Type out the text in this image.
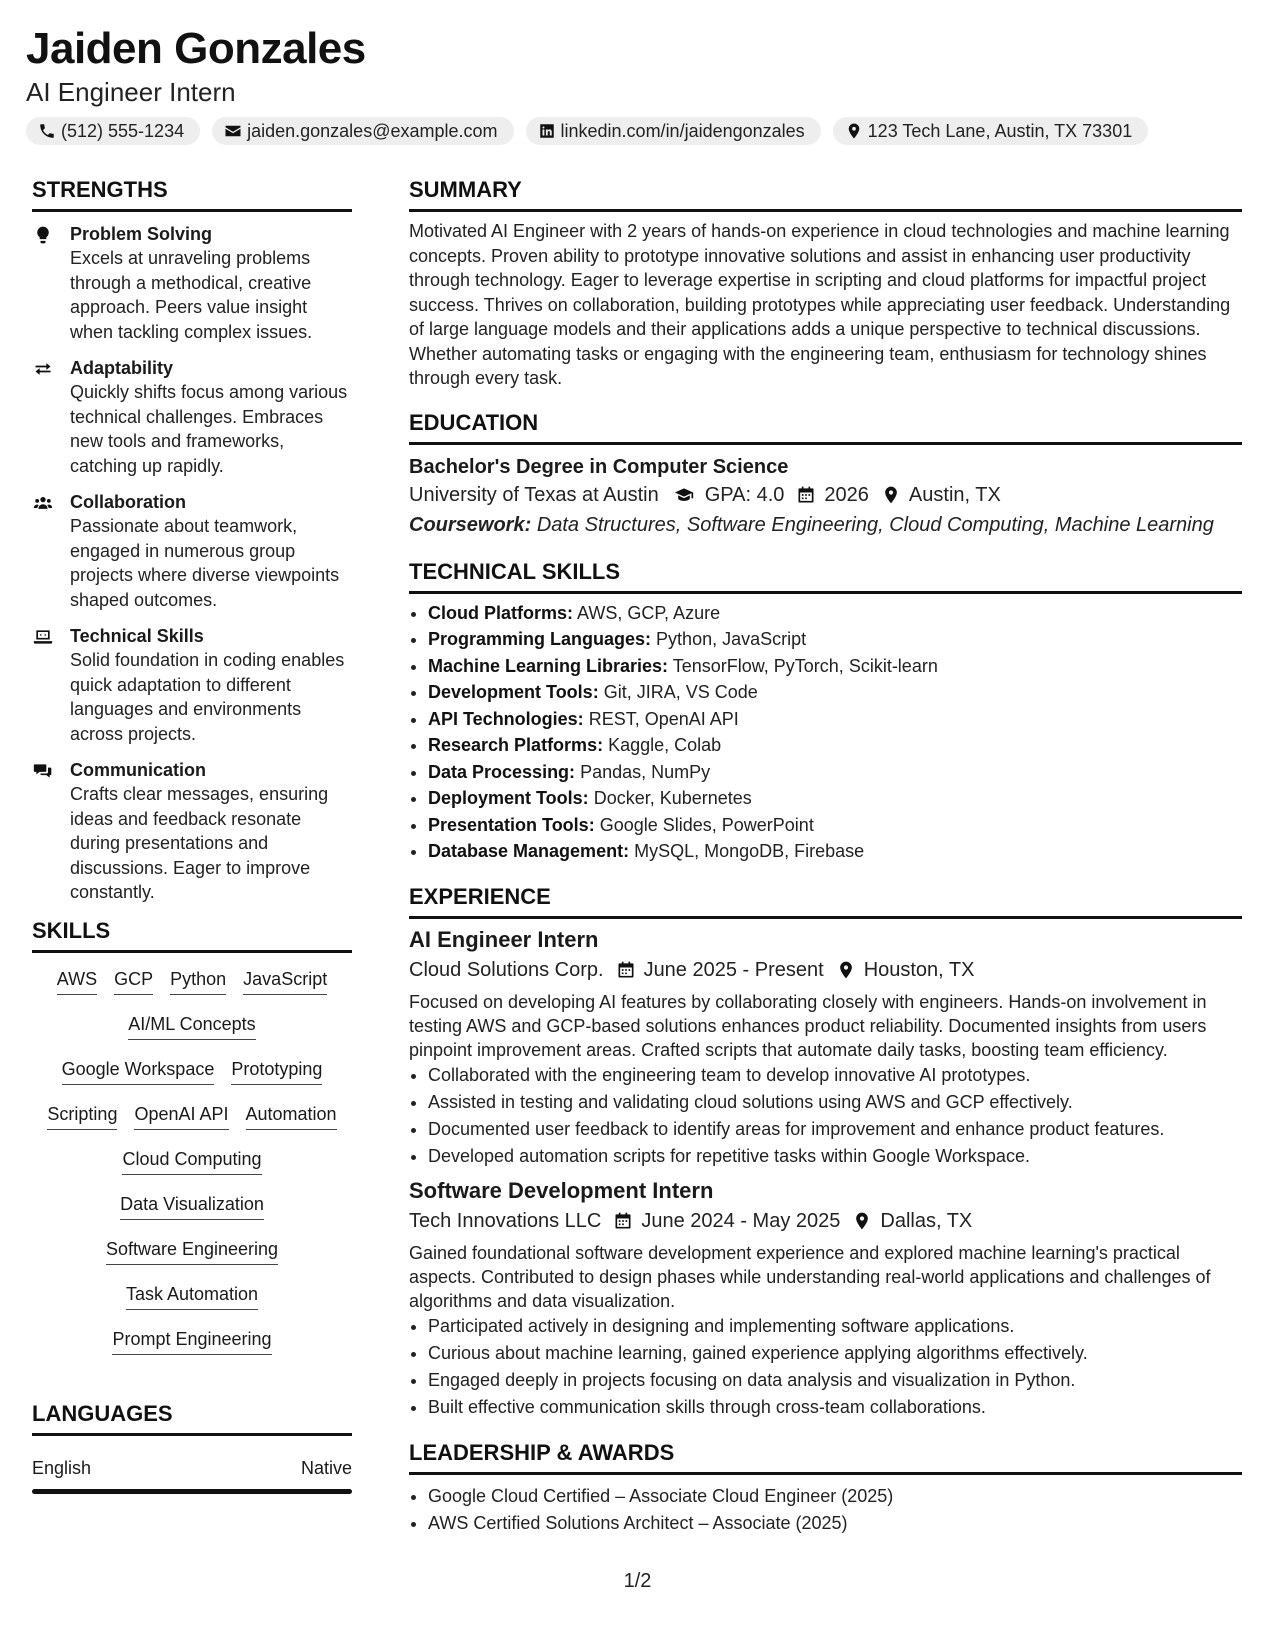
Jaiden Gonzales
AI Engineer Intern
(512) 555-1234	jaiden.gonzales@example.com	linkedin.com/in/jaidengonzales	123 Tech Lane, Austin, TX 73301
STRENGTHS
Problem Solving
Excels at unraveling problems through a methodical, creative approach. Peers value insight when tackling complex issues.
Adaptability
Quickly shifts focus among various technical challenges. Embraces new tools and frameworks, catching up rapidly.
Collaboration
Passionate about teamwork, engaged in numerous group projects where diverse viewpoints shaped outcomes.
Technical Skills
Solid foundation in coding enables quick adaptation to different languages and environments across projects.
Communication
Crafts clear messages, ensuring ideas and feedback resonate during presentations and discussions. Eager to improve constantly.
SKILLS
AWS GCP Python JavaScript
AI/ML Concepts
Google Workspace Prototyping
Scripting OpenAI API Automation
Cloud Computing
Data Visualization
Software Engineering
Task Automation
Prompt Engineering
LANGUAGES
English	Native
SUMMARY
Motivated AI Engineer with 2 years of hands-on experience in cloud technologies and machine learning concepts. Proven ability to prototype innovative solutions and assist in enhancing user productivity through technology. Eager to leverage expertise in scripting and cloud platforms for impactful project success. Thrives on collaboration, building prototypes while appreciating user feedback. Understanding of large language models and their applications adds a unique perspective to technical discussions. Whether automating tasks or engaging with the engineering team, enthusiasm for technology shines through every task.
EDUCATION
Bachelor's Degree in Computer Science
University of Texas at Austin GPA: 4.0 2026 Austin, TX
Coursework: Data Structures, Software Engineering, Cloud Computing, Machine Learning
TECHNICAL SKILLS
• Cloud Platforms: AWS, GCP, Azure
• Programming Languages: Python, JavaScript
• Machine Learning Libraries: TensorFlow, PyTorch, Scikit-learn
• Development Tools: Git, JIRA, VS Code
• API Technologies: REST, OpenAI API
• Research Platforms: Kaggle, Colab
• Data Processing: Pandas, NumPy
• Deployment Tools: Docker, Kubernetes
• Presentation Tools: Google Slides, PowerPoint
• Database Management: MySQL, MongoDB, Firebase
EXPERIENCE
AI Engineer Intern
Cloud Solutions Corp. June 2025 - Present Houston, TX
Focused on developing AI features by collaborating closely with engineers. Hands-on involvement in testing AWS and GCP-based solutions enhances product reliability. Documented insights from users pinpoint improvement areas. Crafted scripts that automate daily tasks, boosting team efficiency.
• Collaborated with the engineering team to develop innovative AI prototypes.
• Assisted in testing and validating cloud solutions using AWS and GCP effectively.
• Documented user feedback to identify areas for improvement and enhance product features.
• Developed automation scripts for repetitive tasks within Google Workspace.
Software Development Intern
Tech Innovations LLC June 2024 - May 2025 Dallas, TX
Gained foundational software development experience and explored machine learning's practical aspects. Contributed to design phases while understanding real-world applications and challenges of algorithms and data visualization.
• Participated actively in designing and implementing software applications.
• Curious about machine learning, gained experience applying algorithms effectively.
• Engaged deeply in projects focusing on data analysis and visualization in Python.
• Built effective communication skills through cross-team collaborations.
LEADERSHIP & AWARDS
• Google Cloud Certified – Associate Cloud Engineer (2025)
• AWS Certified Solutions Architect – Associate (2025)
1/2
